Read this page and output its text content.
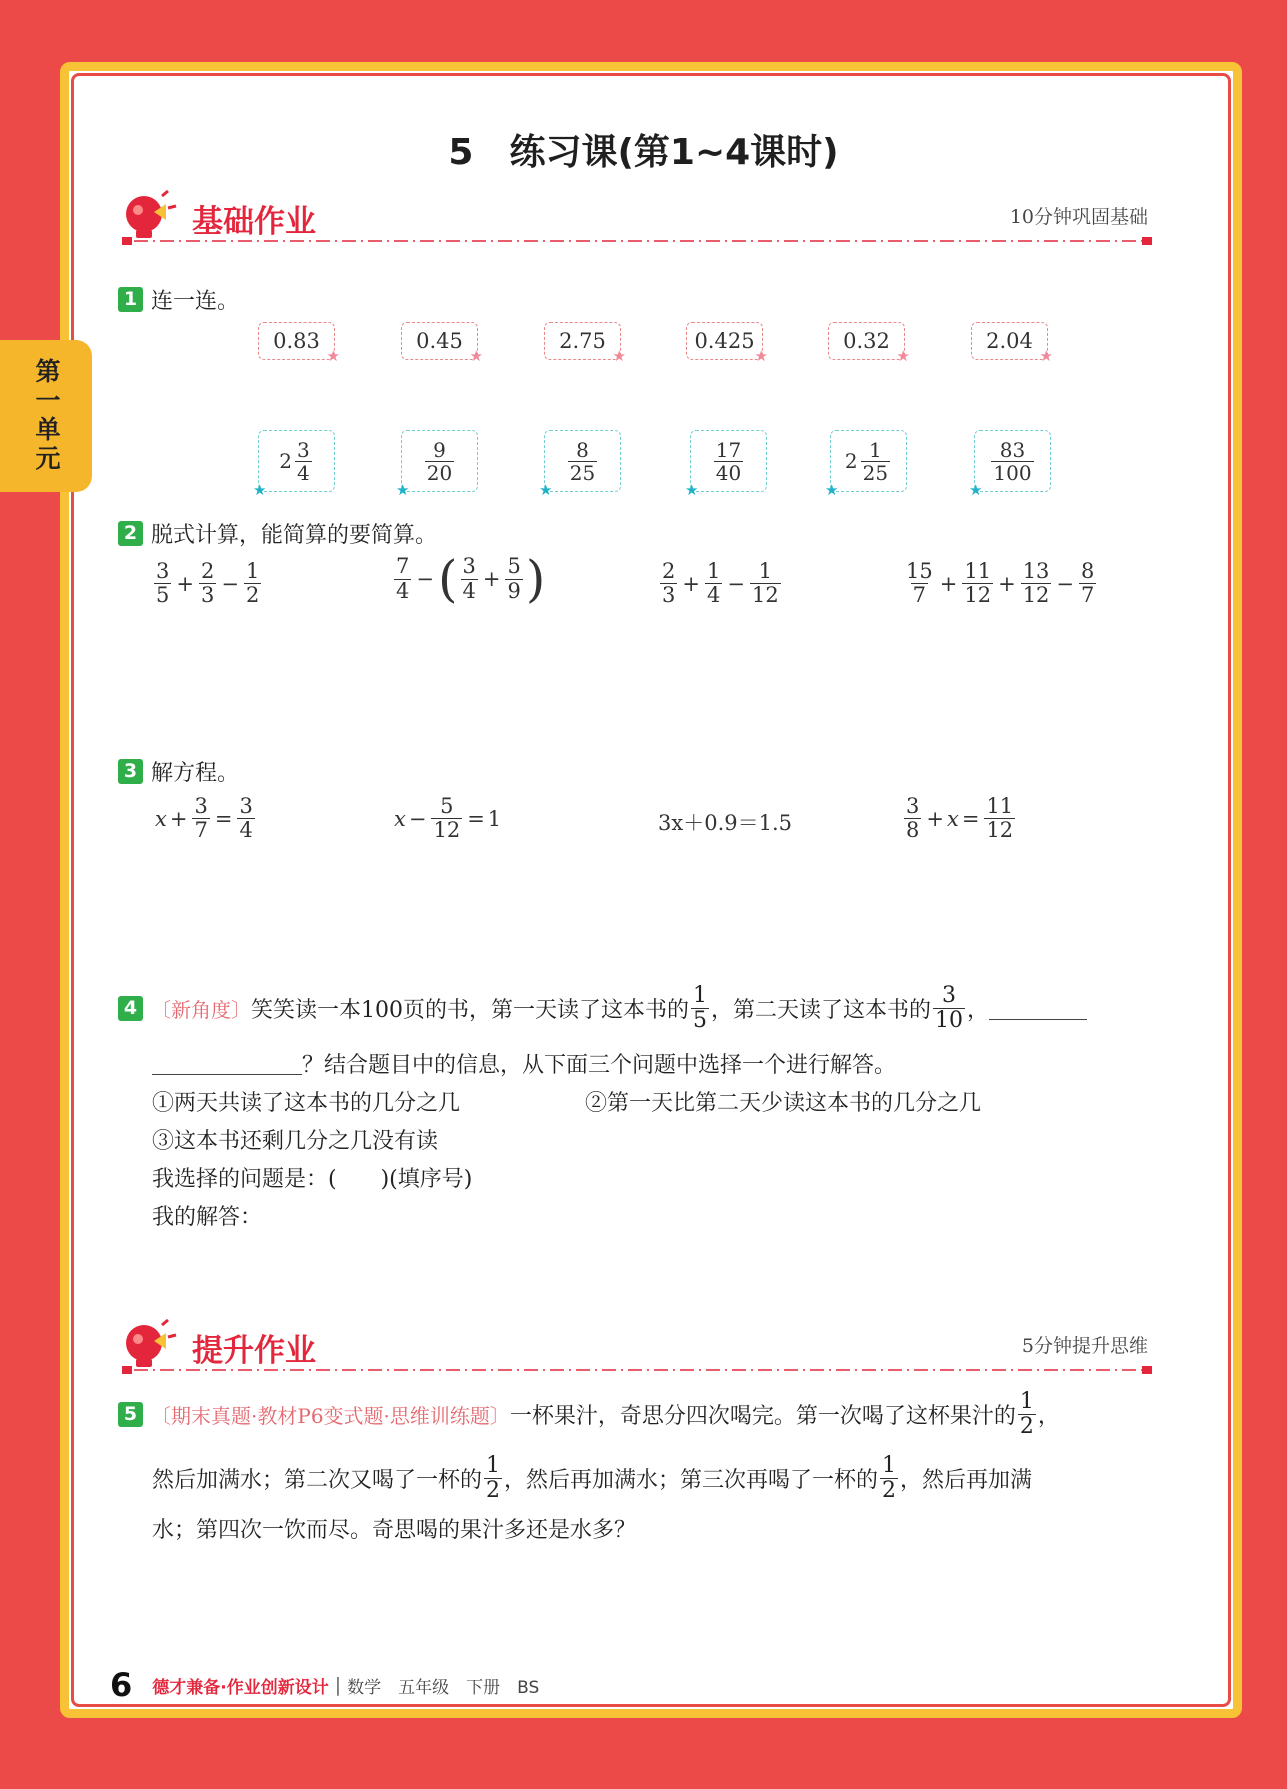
第一单元
5　练习课(第1~4课时)
基础作业	10分钟巩固基础
1 连一连。
0.83
★
0.45
★
2.75
★
0.425
★
0.32
★
2.04
★
$2 \frac{3}{4}$
★
$\frac{9}{20}$
★
$\frac{8}{25}$
★
$\frac{17}{40}$
★
$2 \frac{1}{25}$
★
$\frac{83}{100}$
★
2 脱式计算，能简算的要简算。
$\frac{3}{5} + \frac{2}{3} - \frac{1}{2}$	$\frac{7}{4}$ − ( $\frac{3}{4} + \frac{5}{9}$ )	$\frac{2}{3} + \frac{1}{4} - \frac{1}{12}$	$\frac{15}{7} + \frac{11}{12} + \frac{13}{12} - \frac{8}{7}$
3 解方程。
$x + \frac{3}{7} = \frac{3}{4}$	$x - \frac{5}{12} = 1$	3x＋0.9＝1.5	$\frac{3}{8} + x = \frac{11}{12}$
4 〔新角度〕 笑笑读一本100页的书，第一天读了这本书的 $\frac{1}{5}$ ，第二天读了这本书的 $\frac{3}{10}$ ，
？结合题目中的信息，从下面三个问题中选择一个进行解答。
①两天共读了这本书的几分之几	②第一天比第二天少读这本书的几分之几
③这本书还剩几分之几没有读
我选择的问题是：(　　)(填序号)
我的解答：
提升作业	5分钟提升思维
5 〔期末真题·教材P6变式题·思维训练题〕 一杯果汁，奇思分四次喝完。第一次喝了这杯果汁的 $\frac{1}{2}$ ，
然后加满水；第二次又喝了一杯的 $\frac{1}{2}$ ，然后再加满水；第三次再喝了一杯的 $\frac{1}{2}$ ，然后再加满
水；第四次一饮而尽。奇思喝的果汁多还是水多？
6 德才兼备·作业创新设计 | 数学　五年级　下册　BS
